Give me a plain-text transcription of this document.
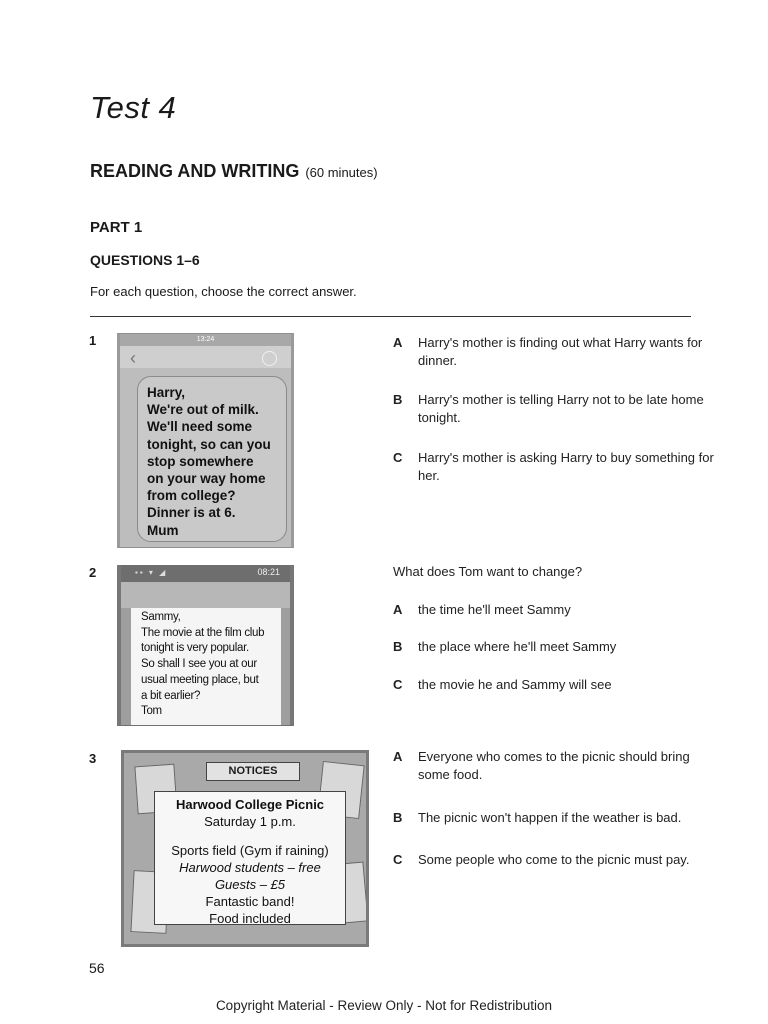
Test 4
READING AND WRITING (60 minutes)
PART 1
QUESTIONS 1–6
For each question, choose the correct answer.
1	13:24
‹
Harry,
We're out of milk.
We'll need some
tonight, so can you
stop somewhere
on your way home
from college?
Dinner is at 6.
Mum
A Harry's mother is finding out what Harry wants for dinner.
B Harry's mother is telling Harry not to be late home tonight.
C Harry's mother is asking Harry to buy something for her.
2	▪▪ ▾ ◢	08:21
Sammy,
The movie at the film club
tonight is very popular.
So shall I see you at our
usual meeting place, but
a bit earlier?
Tom
What does Tom want to change?
A the time he'll meet Sammy
B the place where he'll meet Sammy
C the movie he and Sammy will see
3
NOTICES
Harwood College Picnic
Saturday 1 p.m.
Sports field (Gym if raining)
Harwood students – free
Guests – £5
Fantastic band!
Food included
A Everyone who comes to the picnic should bring some food.
B The picnic won't happen if the weather is bad.
C Some people who come to the picnic must pay.
56
Copyright Material - Review Only - Not for Redistribution
